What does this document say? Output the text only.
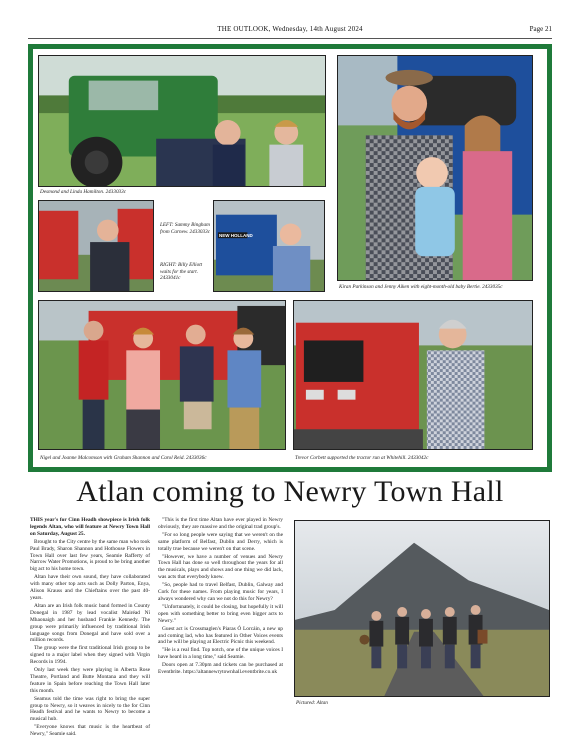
THE OUTLOOK, Wednesday, 14th August 2024	Page 21
Desmond and Linda Hamilton. 2433033c
Kiran Parkinson and Jenny Aiken with eight-month-old baby Bertie. 2433035c
LEFT: Sammy Bingham from Carnew. 2433033c
RIGHT: Billy Elliott waits for the start. 2433041c
NEW HOLLAND
Nigel and Joanne Malcomson with Graham Shannon and Carol Reid. 2433036c	Trevor Corbett supported the tractor run at Whitehill. 2433042c
Atlan coming to Newry Town Hall

THIS year's for Cinn Headh showpiece is Irish folk legends Altan, who will feature at Newry Town Hall on Saturday, August 25.

Brought to the City centre by the same man who took Paul Brady, Sharon Shannon and Hothouse Flowers in Town Hall over last few years, Seamie Rafferty of Narrow Water Promotions, is proud to be bring another big act to his home town.

Altan have their own sound, they have collaborated with many other top acts such as Dolly Parton, Enya, Alison Krauss and the Chieftains over the past 40-years.

Altan are an Irish folk music band formed in County Donegal in 1987 by lead vocalist Mairéad Ní Mhaonaigh and her husband Frankie Kennedy. The group were primarily influenced by traditional Irish language songs from Donegal and have sold over a million records.

The group were the first traditional Irish group to be signed to a major label when they signed with Virgin Records in 1994.

Only last week they were playing in Alberta Rose Theatre, Portland and Butte Montana and they will feature in Spain before reaching the Town Hall later this month.

Seamus told the time was right to bring the super group to Newry, so it weaves in nicely to the for Cinn Headh festival and he wants to Newry to become a musical hub.

"Everyone knows that music is the heartbeat of Newry," Seamie said.

"This is the first time Altan have ever played in Newry obviously, they are massive and the original trad group's.

"For so long people were saying that we weren't on the same platform of Belfast, Dublin and Derry, which is totally true because we weren't on that scene.

"However, we have a number of venues and Newry Town Hall has done so well throughout the years for all the musicals, plays and shows and one thing we did lack, was acts that everybody knew.

"So, people had to travel Belfast, Dublin, Galway and Cork for these names. From playing music for years, I always wondered why can we not do this for Newry?

"Unfortunately, it could be closing, but hopefully it will open with something better to bring even bigger acts to Newry."

Guest act is Crossmaglen's Piaras Ó Lorcáin, a new up and coming lad, who has featured in Other Voices events and he will be playing at Electric Picnic this weekend.

"He is a real find. Top notch, one of the unique voices I have heard in a long time," said Seamie.

Doors open at 7.30pm and tickets can be purchased at Eventbrite. https://altannewrytownhall.eventbrite.co.uk

Pictured: Altan
